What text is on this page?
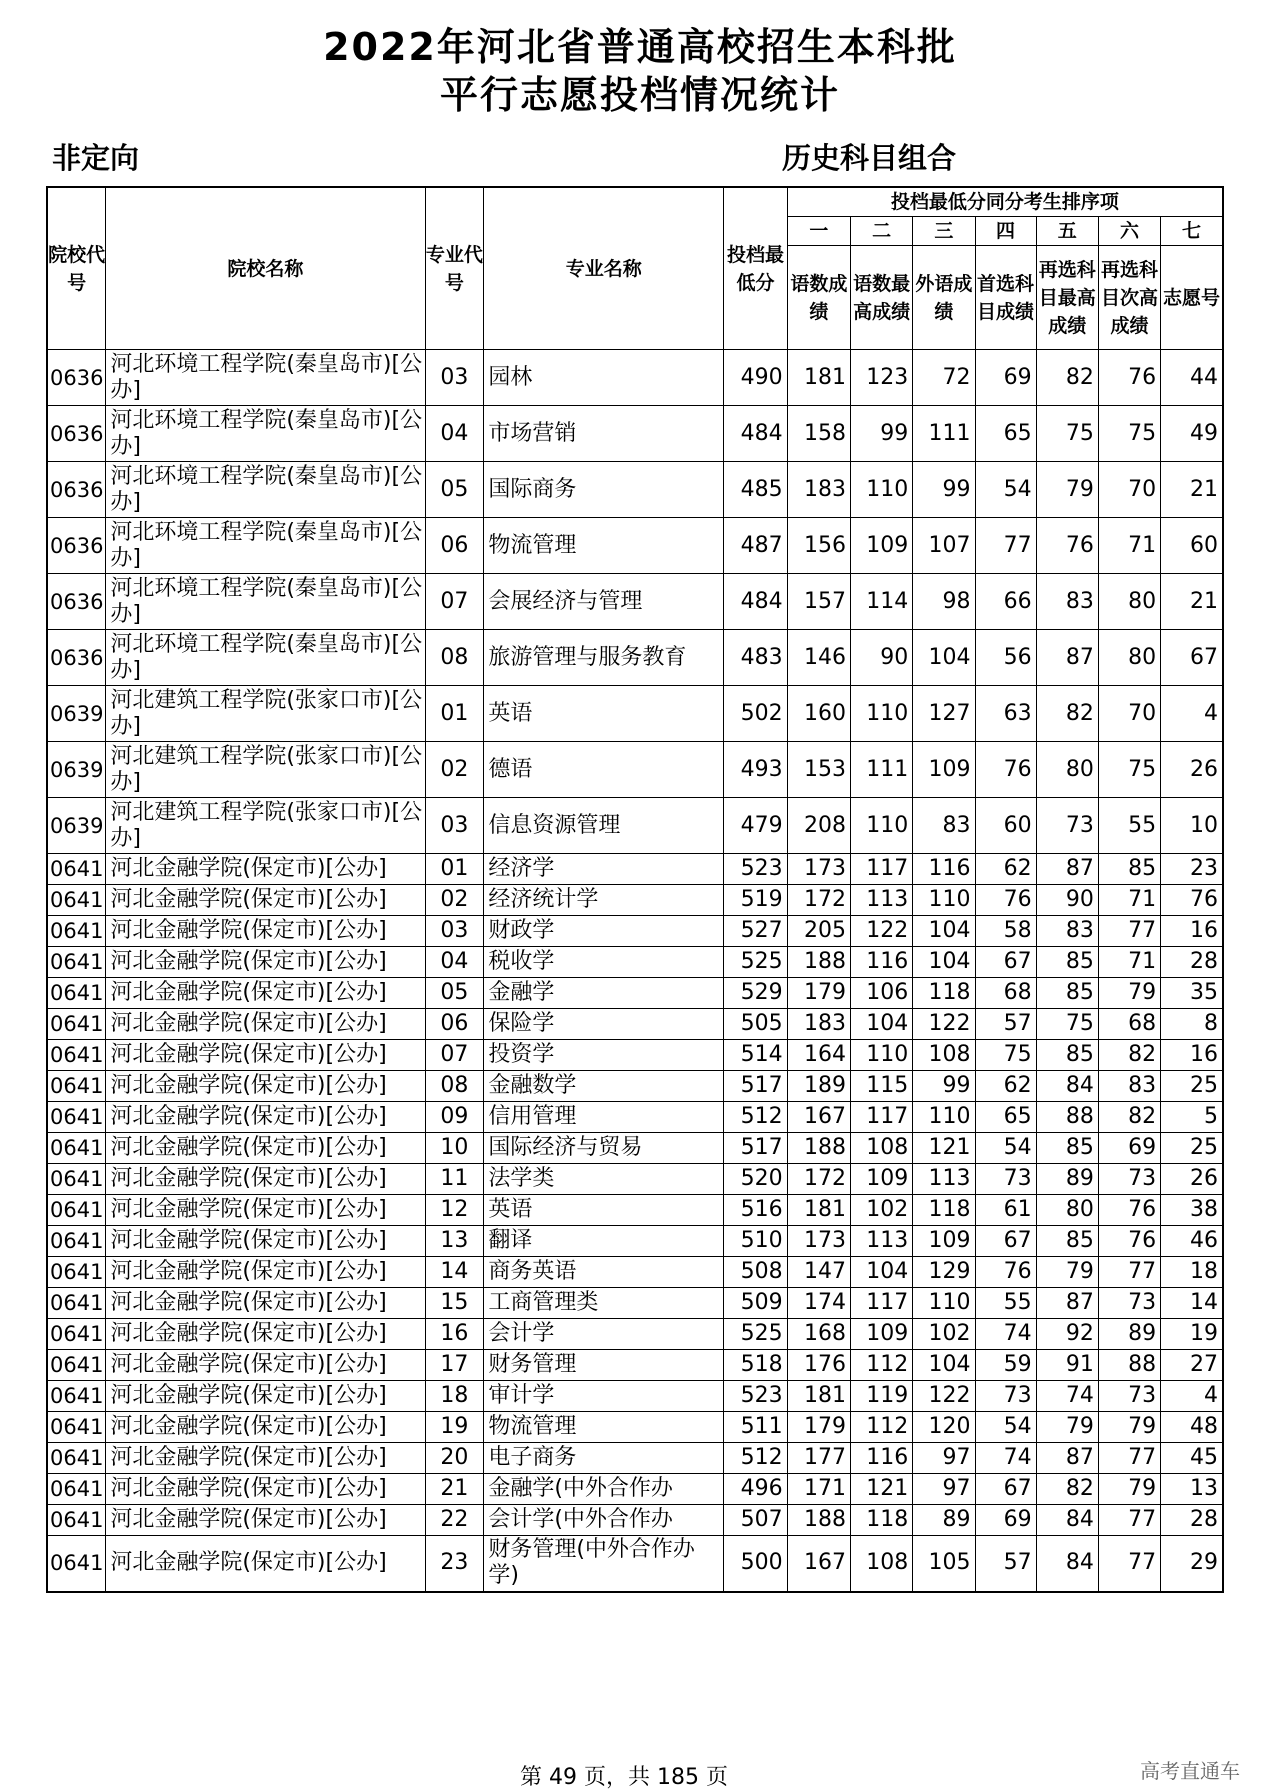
2022年河北省普通高校招生本科批
平行志愿投档情况统计
非定向	历史科目组合
院校代号	院校名称	专业代号	专业名称	投档最低分	投档最低分同分考生排序项						
					一	二	三	四	五	六	七
					语数成绩	语数最高成绩	外语成绩	首选科目成绩	再选科目最高成绩	再选科目次高成绩	志愿号
0636	河北环境工程学院(秦皇岛市)[公办]	03	园林	490	181	123	72	69	82	76	44
0636	河北环境工程学院(秦皇岛市)[公办]	04	市场营销	484	158	99	111	65	75	75	49
0636	河北环境工程学院(秦皇岛市)[公办]	05	国际商务	485	183	110	99	54	79	70	21
0636	河北环境工程学院(秦皇岛市)[公办]	06	物流管理	487	156	109	107	77	76	71	60
0636	河北环境工程学院(秦皇岛市)[公办]	07	会展经济与管理	484	157	114	98	66	83	80	21
0636	河北环境工程学院(秦皇岛市)[公办]	08	旅游管理与服务教育	483	146	90	104	56	87	80	67
0639	河北建筑工程学院(张家口市)[公办]	01	英语	502	160	110	127	63	82	70	4
0639	河北建筑工程学院(张家口市)[公办]	02	德语	493	153	111	109	76	80	75	26
0639	河北建筑工程学院(张家口市)[公办]	03	信息资源管理	479	208	110	83	60	73	55	10
0641	河北金融学院(保定市)[公办]	01	经济学	523	173	117	116	62	87	85	23
0641	河北金融学院(保定市)[公办]	02	经济统计学	519	172	113	110	76	90	71	76
0641	河北金融学院(保定市)[公办]	03	财政学	527	205	122	104	58	83	77	16
0641	河北金融学院(保定市)[公办]	04	税收学	525	188	116	104	67	85	71	28
0641	河北金融学院(保定市)[公办]	05	金融学	529	179	106	118	68	85	79	35
0641	河北金融学院(保定市)[公办]	06	保险学	505	183	104	122	57	75	68	8
0641	河北金融学院(保定市)[公办]	07	投资学	514	164	110	108	75	85	82	16
0641	河北金融学院(保定市)[公办]	08	金融数学	517	189	115	99	62	84	83	25
0641	河北金融学院(保定市)[公办]	09	信用管理	512	167	117	110	65	88	82	5
0641	河北金融学院(保定市)[公办]	10	国际经济与贸易	517	188	108	121	54	85	69	25
0641	河北金融学院(保定市)[公办]	11	法学类	520	172	109	113	73	89	73	26
0641	河北金融学院(保定市)[公办]	12	英语	516	181	102	118	61	80	76	38
0641	河北金融学院(保定市)[公办]	13	翻译	510	173	113	109	67	85	76	46
0641	河北金融学院(保定市)[公办]	14	商务英语	508	147	104	129	76	79	77	18
0641	河北金融学院(保定市)[公办]	15	工商管理类	509	174	117	110	55	87	73	14
0641	河北金融学院(保定市)[公办]	16	会计学	525	168	109	102	74	92	89	19
0641	河北金融学院(保定市)[公办]	17	财务管理	518	176	112	104	59	91	88	27
0641	河北金融学院(保定市)[公办]	18	审计学	523	181	119	122	73	74	73	4
0641	河北金融学院(保定市)[公办]	19	物流管理	511	179	112	120	54	79	79	48
0641	河北金融学院(保定市)[公办]	20	电子商务	512	177	116	97	74	87	77	45
0641	河北金融学院(保定市)[公办]	21	金融学(中外合作办	496	171	121	97	67	82	79	13
0641	河北金融学院(保定市)[公办]	22	会计学(中外合作办	507	188	118	89	69	84	77	28
0641	河北金融学院(保定市)[公办]	23	财务管理(中外合作办学)	500	167	108	105	57	84	77	29
第 49 页，共 185 页	高考直通车
